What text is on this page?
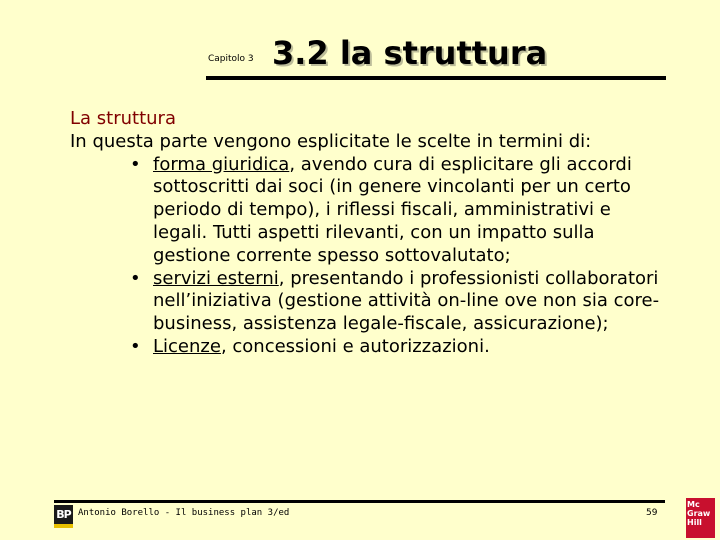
Capitolo 3 3.2 la struttura

La struttura

In questa parte vengono esplicitate le scelte in termini di:

• forma giuridica, avendo cura di esplicitare gli accordi sottoscritti dai soci (in genere vincolanti per un certo periodo di tempo), i riflessi fiscali, amministrativi e legali. Tutti aspetti rilevanti, con un impatto sulla gestione corrente spesso sottovalutato;
• servizi esterni, presentando i professionisti collaboratori nell’iniziativa (gestione attività on-line ove non sia core-business, assistenza legale-fiscale, assicurazione);
• Licenze, concessioni e autorizzazioni.
BP Antonio Borello - Il business plan 3/ed	59
Mc
Graw
Hill
